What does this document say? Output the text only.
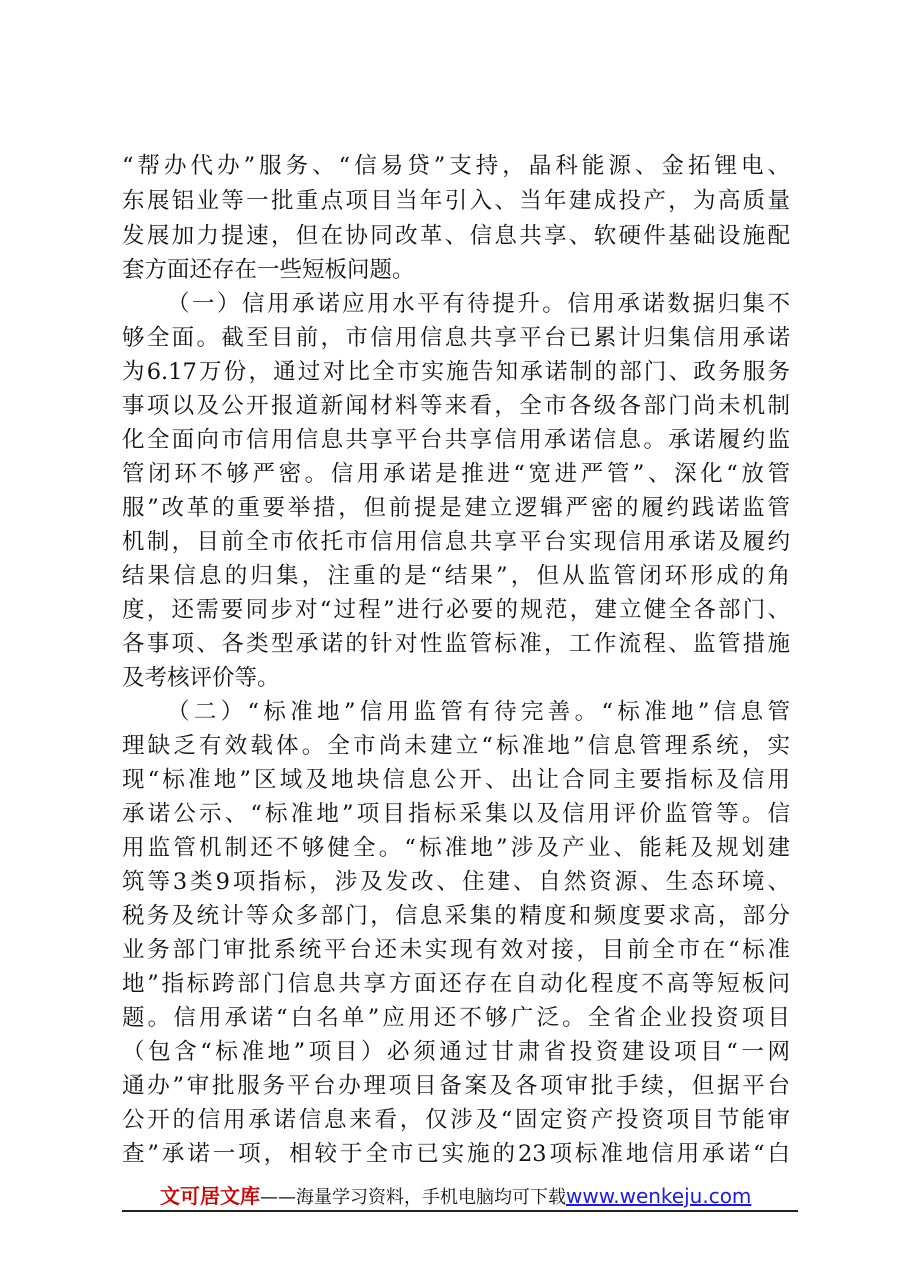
“帮办代办”服务、“信易贷”支持，晶科能源、金拓锂电、
东展铝业等一批重点项目当年引入、当年建成投产，为高质量
发展加力提速，但在协同改革、信息共享、软硬件基础设施配
套方面还存在一些短板问题。
（一）信用承诺应用水平有待提升。信用承诺数据归集不
够全面。截至目前，市信用信息共享平台已累计归集信用承诺
为6.17万份，通过对比全市实施告知承诺制的部门、政务服务
事项以及公开报道新闻材料等来看，全市各级各部门尚未机制
化全面向市信用信息共享平台共享信用承诺信息。承诺履约监
管闭环不够严密。信用承诺是推进“宽进严管”、深化“放管
服”改革的重要举措，但前提是建立逻辑严密的履约践诺监管
机制，目前全市依托市信用信息共享平台实现信用承诺及履约
结果信息的归集，注重的是“结果”，但从监管闭环形成的角
度，还需要同步对“过程”进行必要的规范，建立健全各部门、
各事项、各类型承诺的针对性监管标准，工作流程、监管措施
及考核评价等。
（二）“标准地”信用监管有待完善。“标准地”信息管
理缺乏有效载体。全市尚未建立“标准地”信息管理系统，实
现“标准地”区域及地块信息公开、出让合同主要指标及信用
承诺公示、“标准地”项目指标采集以及信用评价监管等。信
用监管机制还不够健全。“标准地”涉及产业、能耗及规划建
筑等3类9项指标，涉及发改、住建、自然资源、生态环境、
税务及统计等众多部门，信息采集的精度和频度要求高，部分
业务部门审批系统平台还未实现有效对接，目前全市在“标准
地”指标跨部门信息共享方面还存在自动化程度不高等短板问
题。信用承诺“白名单”应用还不够广泛。全省企业投资项目
（包含“标准地”项目）必须通过甘肃省投资建设项目“一网
通办”审批服务平台办理项目备案及各项审批手续，但据平台
公开的信用承诺信息来看，仅涉及“固定资产投资项目节能审
查”承诺一项，相较于全市已实施的23项标准地信用承诺“白
文可居文库——海量学习资料，手机电脑均可下载www.wenkeju.com
